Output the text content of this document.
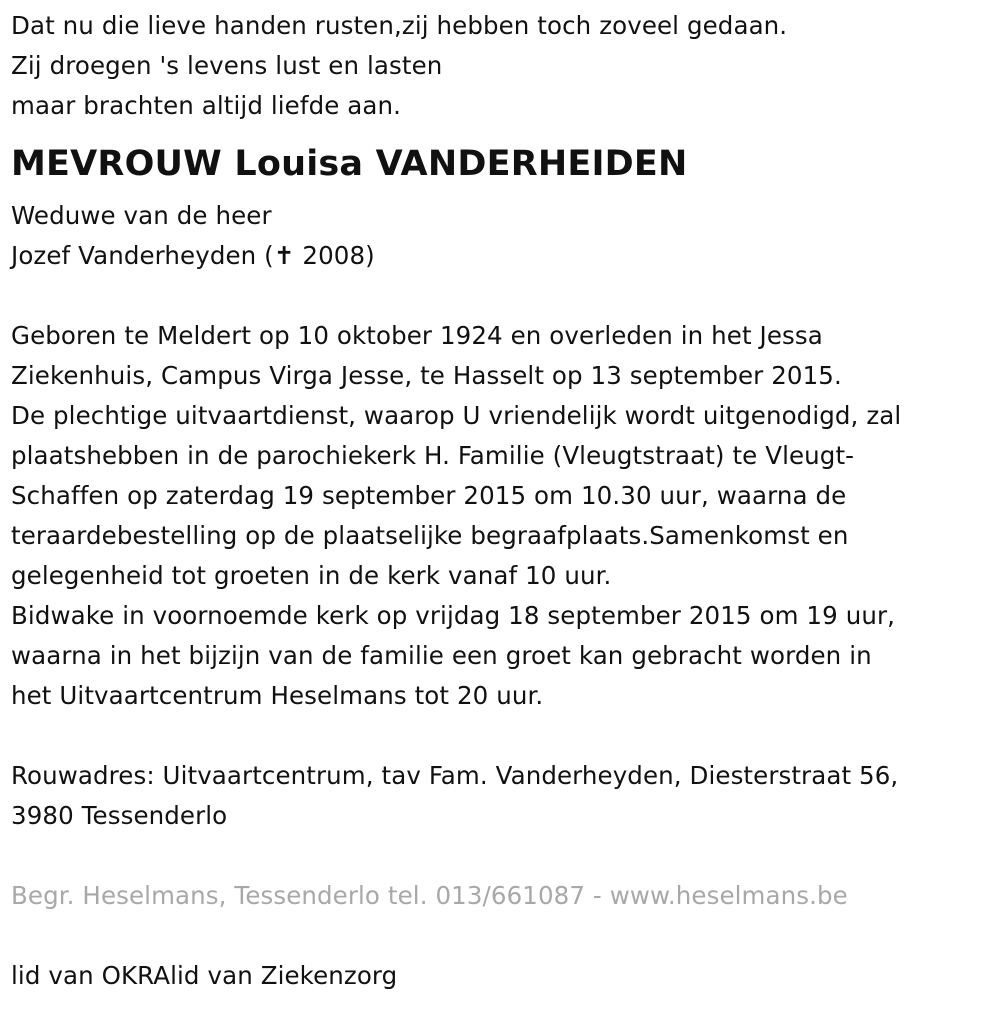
Dat nu die lieve handen rusten,zij hebben toch zoveel gedaan.
Zij droegen 's levens lust en lasten
maar brachten altijd liefde aan.
MEVROUW Louisa VANDERHEIDEN
Weduwe van de heer
Jozef Vanderheyden (✝ 2008)
Geboren te Meldert op 10 oktober 1924 en overleden in het Jessa
Ziekenhuis, Campus Virga Jesse, te Hasselt op 13 september 2015.
De plechtige uitvaartdienst, waarop U vriendelijk wordt uitgenodigd, zal
plaatshebben in de parochiekerk H. Familie (Vleugtstraat) te Vleugt-
Schaffen op zaterdag 19 september 2015 om 10.30 uur, waarna de
teraardebestelling op de plaatselijke begraafplaats.Samenkomst en
gelegenheid tot groeten in de kerk vanaf 10 uur.
Bidwake in voornoemde kerk op vrijdag 18 september 2015 om 19 uur,
waarna in het bijzijn van de familie een groet kan gebracht worden in
het Uitvaartcentrum Heselmans tot 20 uur.
Rouwadres: Uitvaartcentrum, tav Fam. Vanderheyden, Diesterstraat 56,
3980 Tessenderlo
Begr. Heselmans, Tessenderlo tel. 013/661087 - www.heselmans.be
lid van OKRAlid van Ziekenzorg
